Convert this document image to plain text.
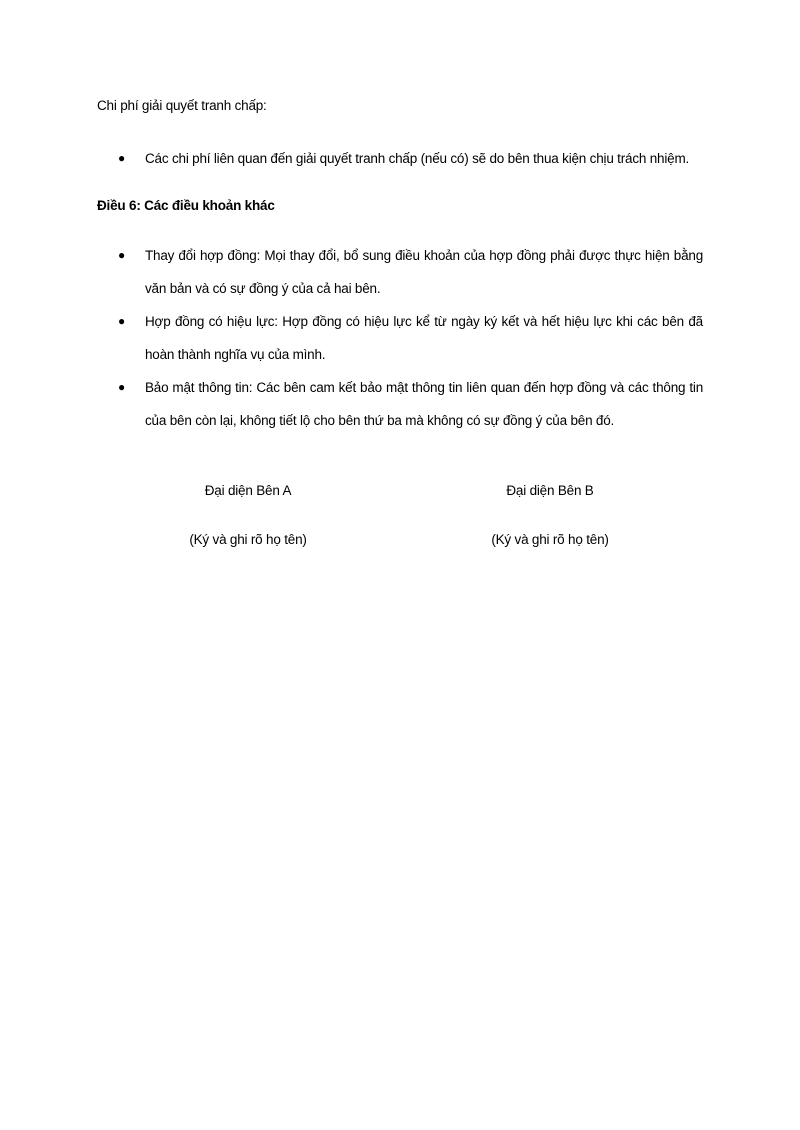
Chi phí giải quyết tranh chấp:
● Các chi phí liên quan đến giải quyết tranh chấp (nếu có) sẽ do bên thua kiện chịu trách nhiệm.
Điều 6: Các điều khoản khác
● Thay đổi hợp đồng: Mọi thay đổi, bổ sung điều khoản của hợp đồng phải được thực hiện bằng văn bản và có sự đồng ý của cả hai bên.
● Hợp đồng có hiệu lực: Hợp đồng có hiệu lực kể từ ngày ký kết và hết hiệu lực khi các bên đã hoàn thành nghĩa vụ của mình.
● Bảo mật thông tin: Các bên cam kết bảo mật thông tin liên quan đến hợp đồng và các thông tin của bên còn lại, không tiết lộ cho bên thứ ba mà không có sự đồng ý của bên đó.
Đại diện Bên A
(Ký và ghi rõ họ tên)
Đại diện Bên B
(Ký và ghi rõ họ tên)
